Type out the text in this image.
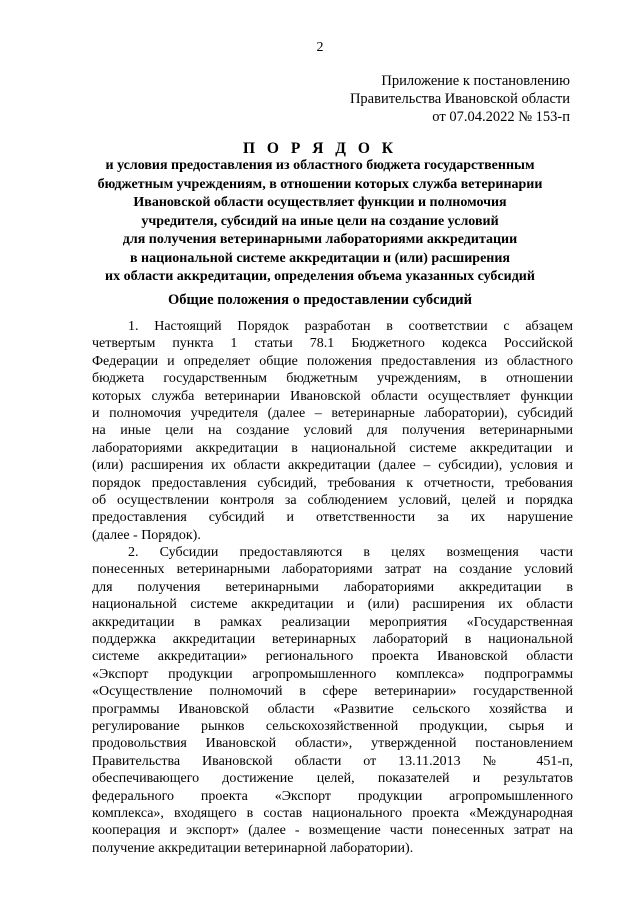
2
Приложение к постановлению
Правительства Ивановской области
от 07.04.2022 № 153-п
П О Р Я Д О К
и условия предоставления из областного бюджета государственным
бюджетным учреждениям, в отношении которых служба ветеринарии
Ивановской области осуществляет функции и полномочия
учредителя, субсидий на иные цели на создание условий
для получения ветеринарными лабораториями аккредитации
в национальной системе аккредитации и (или) расширения
их области аккредитации, определения объема указанных субсидий
Общие положения о предоставлении субсидий
1. Настоящий Порядок разработан в соответствии с абзацем
четвертым пункта 1 статьи 78.1 Бюджетного кодекса Российской
Федерации и определяет общие положения предоставления из областного
бюджета государственным бюджетным учреждениям, в отношении
которых служба ветеринарии Ивановской области осуществляет функции
и полномочия учредителя (далее – ветеринарные лаборатории), субсидий
на иные цели на создание условий для получения ветеринарными
лабораториями аккредитации в национальной системе аккредитации и
(или) расширения их области аккредитации (далее – субсидии), условия и
порядок предоставления субсидий, требования к отчетности, требования
об осуществлении контроля за соблюдением условий, целей и порядка
предоставления субсидий и ответственности за их нарушение
(далее - Порядок).
2. Субсидии предоставляются в целях возмещения части
понесенных ветеринарными лабораториями затрат на создание условий
для получения ветеринарными лабораториями аккредитации в
национальной системе аккредитации и (или) расширения их области
аккредитации в рамках реализации мероприятия «Государственная
поддержка аккредитации ветеринарных лабораторий в национальной
системе аккредитации» регионального проекта Ивановской области
«Экспорт продукции агропромышленного комплекса» подпрограммы
«Осуществление полномочий в сфере ветеринарии» государственной
программы Ивановской области «Развитие сельского хозяйства и
регулирование рынков сельскохозяйственной продукции, сырья и
продовольствия Ивановской области», утвержденной постановлением
Правительства Ивановской области от 13.11.2013 № 451-п,
обеспечивающего достижение целей, показателей и результатов
федерального проекта «Экспорт продукции агропромышленного
комплекса», входящего в состав национального проекта «Международная
кооперация и экспорт» (далее - возмещение части понесенных затрат на
получение аккредитации ветеринарной лаборатории).
